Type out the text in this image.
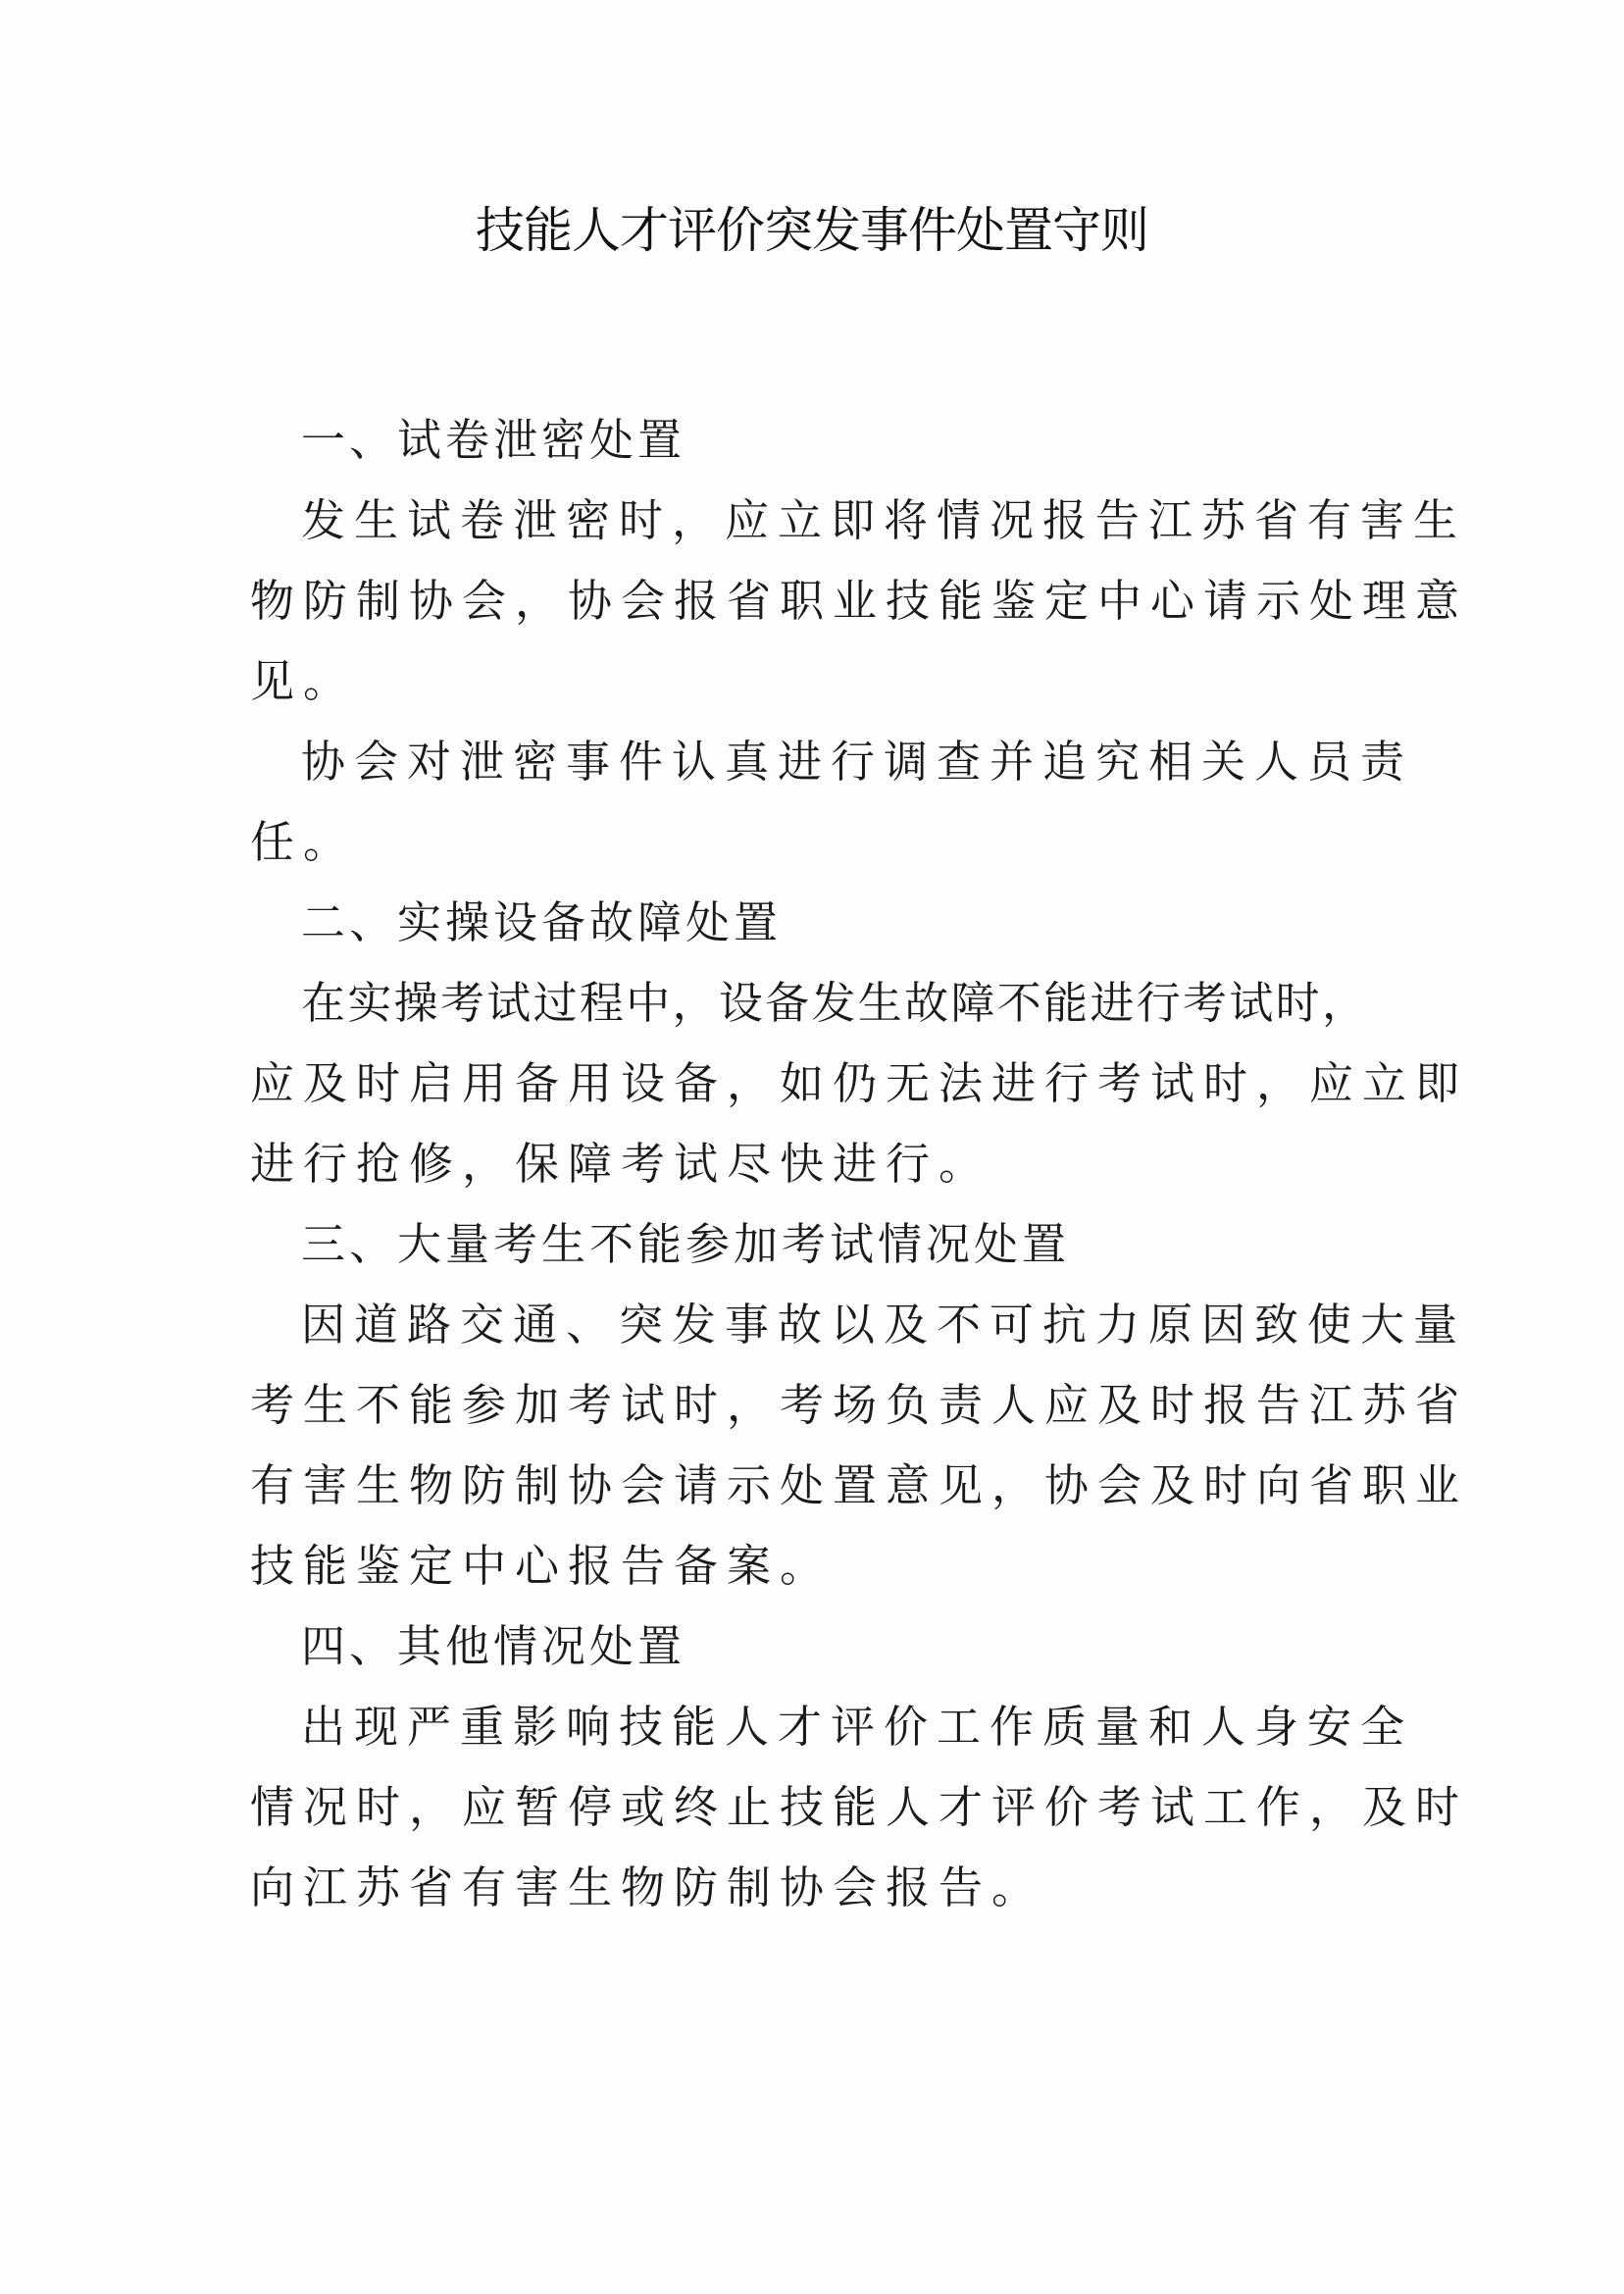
技能人才评价突发事件处置守则

一、试卷泄密处置

发生试卷泄密时，应立即将情况报告江苏省有害生

物防制协会，协会报省职业技能鉴定中心请示处理意

见。

协会对泄密事件认真进行调查并追究相关人员责

任。

二、实操设备故障处置

在实操考试过程中，设备发生故障不能进行考试时，

应及时启用备用设备，如仍无法进行考试时，应立即

进行抢修，保障考试尽快进行。

三、大量考生不能参加考试情况处置

因道路交通、突发事故以及不可抗力原因致使大量

考生不能参加考试时，考场负责人应及时报告江苏省

有害生物防制协会请示处置意见，协会及时向省职业

技能鉴定中心报告备案。

四、其他情况处置

出现严重影响技能人才评价工作质量和人身安全

情况时，应暂停或终止技能人才评价考试工作，及时

向江苏省有害生物防制协会报告。
